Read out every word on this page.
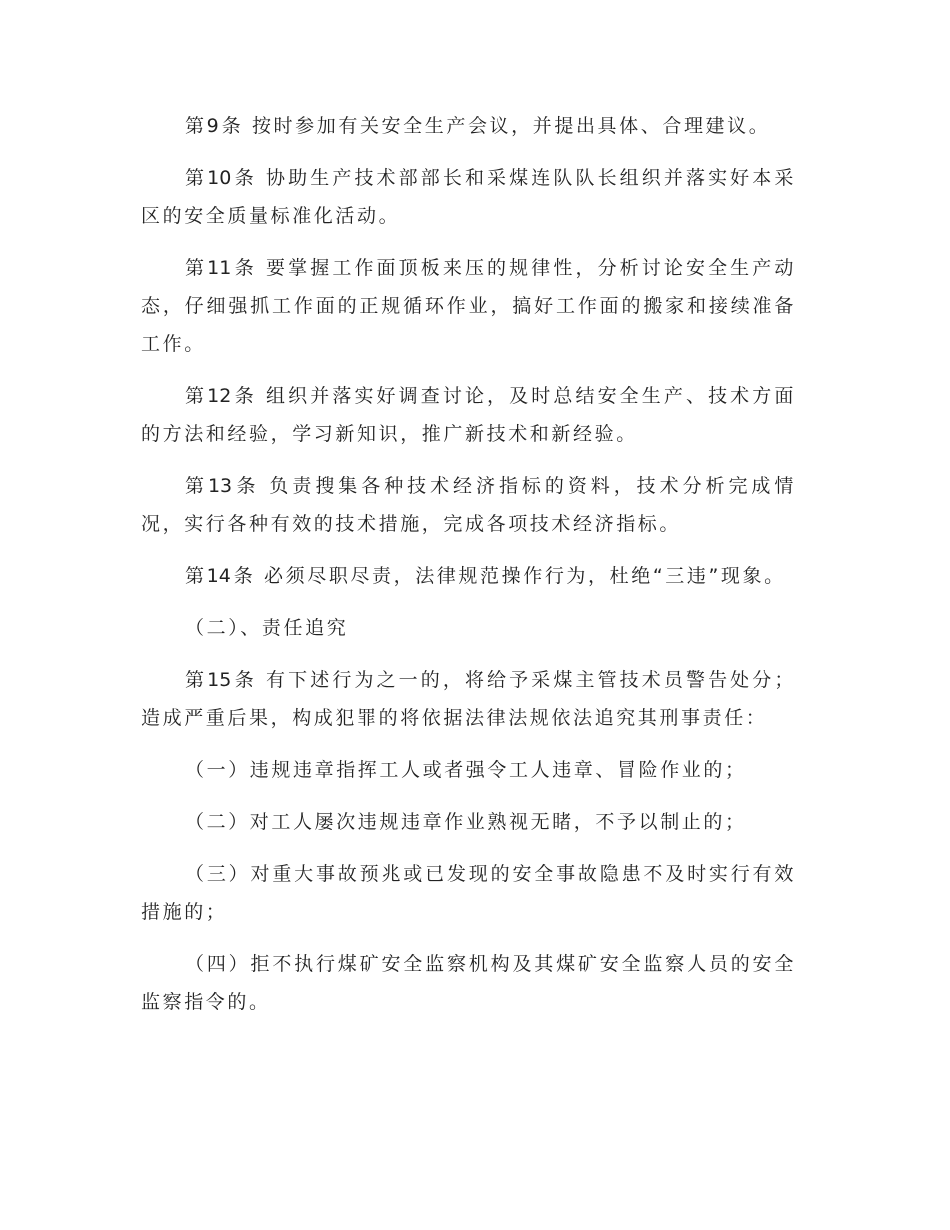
第9 条 按时参加有关安全生产会议，并提出具体、合理建议。

第10 条 协助生产技术部部长和采煤连队队长组织并落实好本采区的安全质量标准化活动。

第11 条 要掌握工作面顶板来压的规律性，分析讨论安全生产动态，仔细强抓工作面的正规循环作业，搞好工作面的搬家和接续准备工作。

第12 条 组织并落实好调查讨论，及时总结安全生产、技术方面的方法和经验，学习新知识，推广新技术和新经验。

第13 条 负责搜集各种技术经济指标的资料，技术分析完成情况，实行各种有效的技术措施，完成各项技术经济指标。

第14 条 必须尽职尽责，法律规范操作行为，杜绝“三违”现象。

（二）、责任追究

第15 条 有下述行为之一的，将给予采煤主管技术员警告处分；造成严重后果，构成犯罪的将依据法律法规依法追究其刑事责任：

（一）违规违章指挥工人或者强令工人违章、冒险作业的；

（二）对工人屡次违规违章作业熟视无睹，不予以制止的；

（三）对重大事故预兆或已发现的安全事故隐患不及时实行有效措施的；

（四）拒不执行煤矿安全监察机构及其煤矿安全监察人员的安全监察指令的。
